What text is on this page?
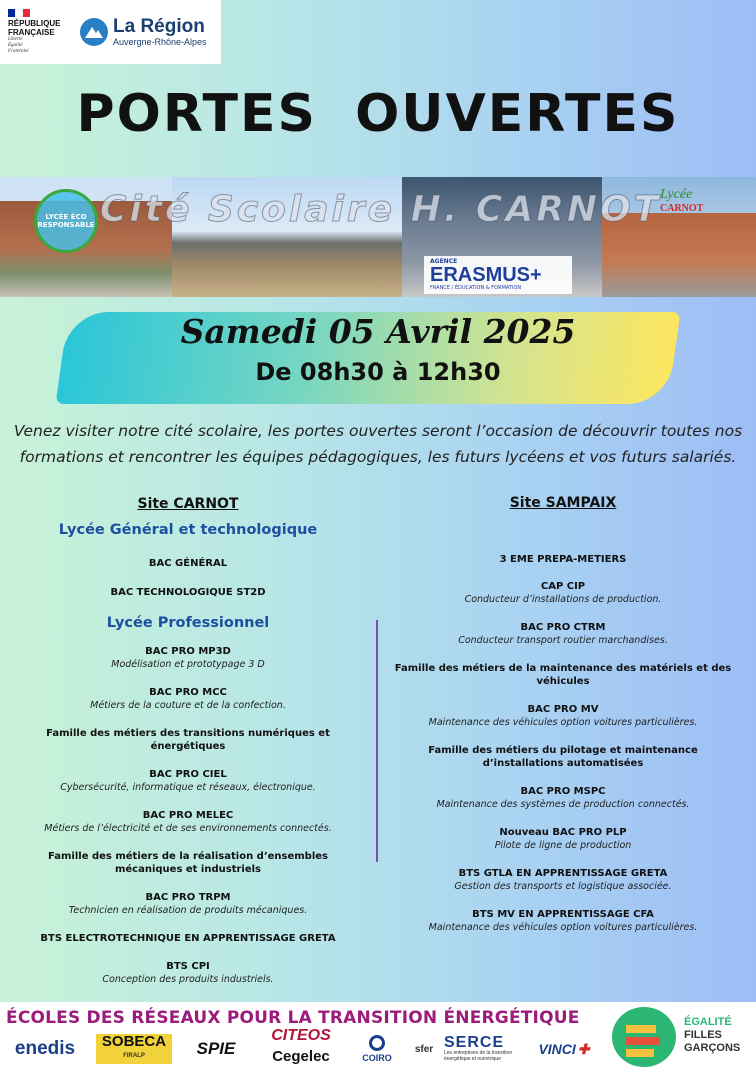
RÉPUBLIQUE
FRANÇAISE
Liberté
Égalité
Fraternité
La Région
Auvergne-Rhône-Alpes
PORTES OUVERTES
Cité Scolaire H. CARNOT
LYCÉE ÉCO RESPONSABLE
AGENCE
ERASMUS+
FRANCE / ÉDUCATION & FORMATION
Lycée
CARNOT
Samedi 05 Avril 2025
De 08h30 à 12h30
Venez visiter notre cité scolaire, les portes ouvertes seront l’occasion de découvrir toutes nos formations et rencontrer les équipes pédagogiques, les futurs lycéens et vos futurs salariés.
Site CARNOT
Lycée Général et technologique
BAC GÉNÉRAL
BAC TECHNOLOGIQUE ST2D
Lycée Professionnel
BAC PRO MP3D
Modélisation et prototypage 3 D
BAC PRO MCC
Métiers de la couture et de la confection.
Famille des métiers des transitions numériques et énergétiques
BAC PRO CIEL
Cybersécurité, informatique et réseaux, électronique.
BAC PRO MELEC
Métiers de l’électricité et de ses environnements connectés.
Famille des métiers de la réalisation d’ensembles mécaniques et industriels
BAC PRO TRPM
Technicien en réalisation de produits mécaniques.
BTS ELECTROTECHNIQUE EN APPRENTISSAGE GRETA
BTS CPI
Conception des produits industriels.
Site SAMPAIX
3 EME PREPA-METIERS
CAP CIP
Conducteur d’installations de production.
BAC PRO CTRM
Conducteur transport routier marchandises.
Famille des métiers de la maintenance des matériels et des véhicules
BAC PRO MV
Maintenance des véhicules option voitures particulières.
Famille des métiers du pilotage et maintenance d’installations automatisées
BAC PRO MSPC
Maintenance des systèmes de production connectés.
Nouveau BAC PRO PLP
Pilote de ligne de production
BTS GTLA EN APPRENTISSAGE GRETA
Gestion des transports et logistique associée.
BTS MV EN APPRENTISSAGE CFA
Maintenance des véhicules option voitures particulières.
ÉCOLES DES RÉSEAUX POUR LA TRANSITION ÉNERGÉTIQUE
enedis	SOBECA
FIRALP	SPIE
CITEOS
Cegelec	COIRO
sfer SERCE
Les entreprises de la transition énergétique et numérique
VINCI ✚
ÉGALITÉ
FILLES
GARÇONS
